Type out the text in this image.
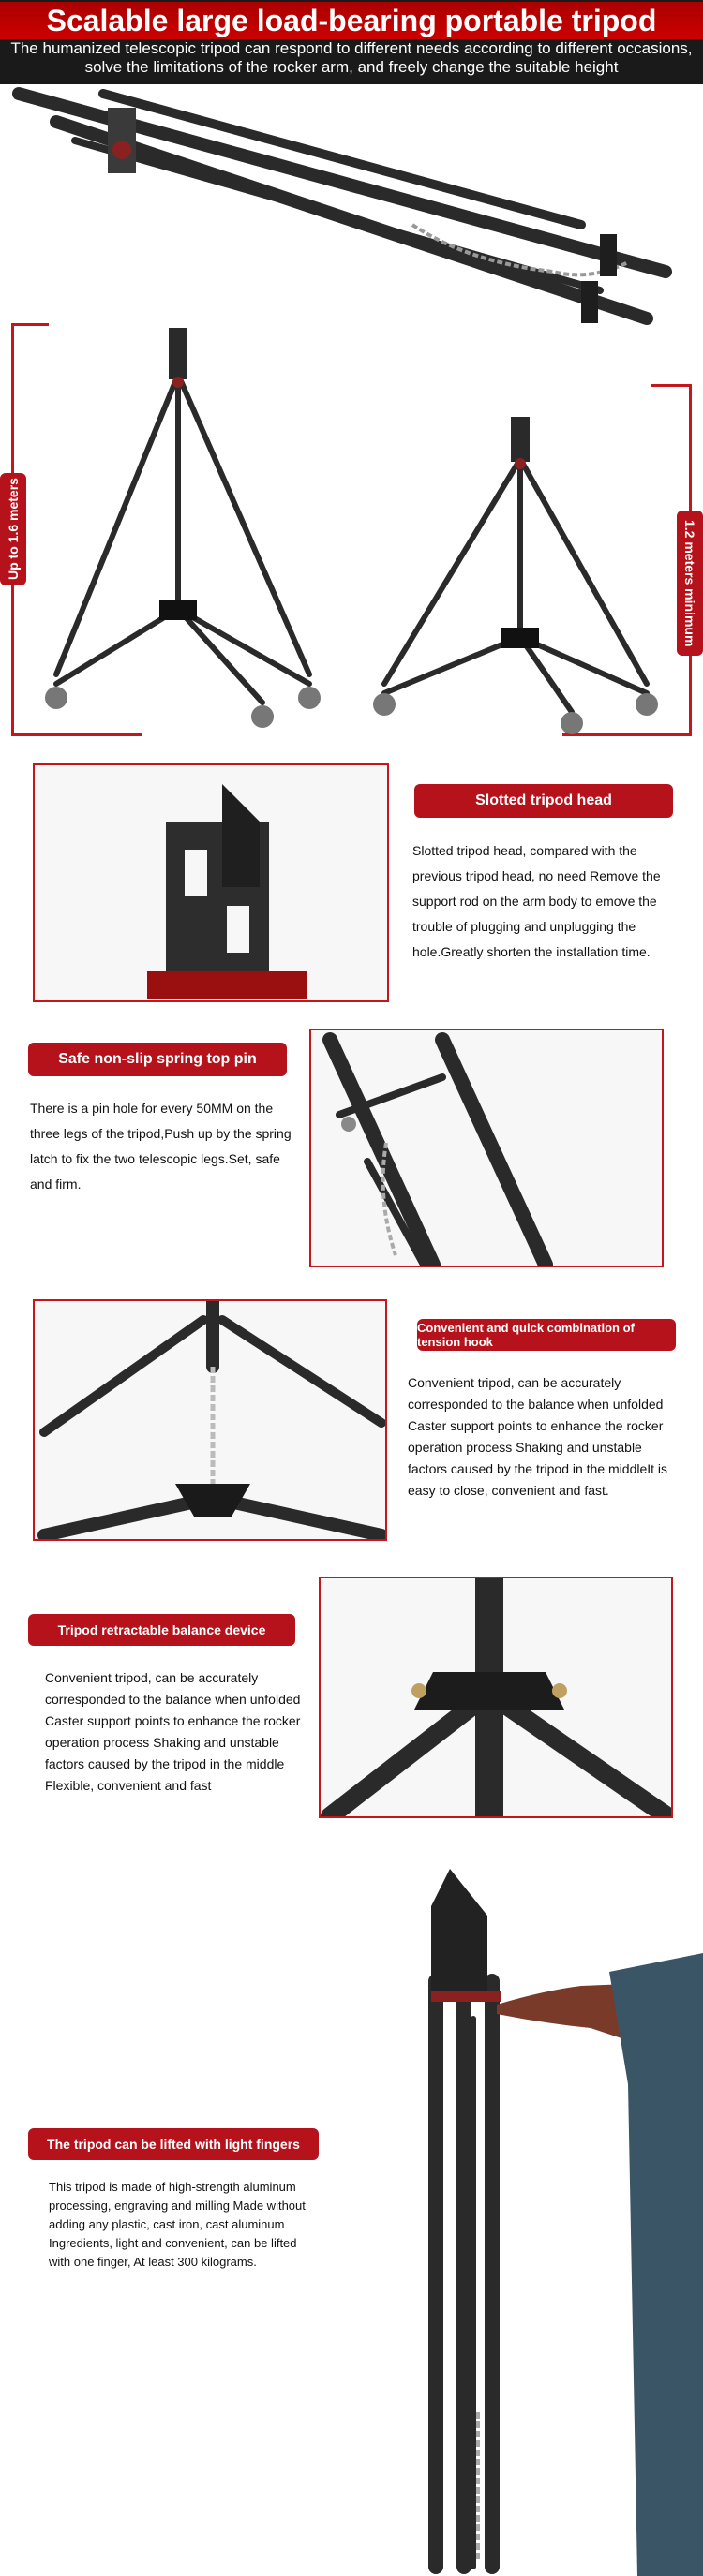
Scalable large load-bearing portable tripod
The humanized telescopic tripod can respond to different needs according to different occasions, solve the limitations of the rocker arm, and freely change the suitable height
Up to 1.6 meters	1.2 meters minimum
Slotted tripod head
Slotted tripod head, compared with the previous tripod head, no need Remove the support rod on the arm body to emove the trouble of plugging and unplugging the hole.Greatly shorten the installation time.
Safe non-slip spring top pin
There is a pin hole for every 50MM on the three legs of the tripod,Push up by the spring latch to fix the two telescopic legs.Set, safe and firm.
Convenient and quick combination of tension hook
Convenient tripod, can be accurately corresponded to the balance when unfolded Caster support points to enhance the rocker operation process Shaking and unstable factors caused by the tripod in the middleIt is easy to close, convenient and fast.
Tripod retractable balance device
Convenient tripod, can be accurately corresponded to the balance when unfolded Caster support points to enhance the rocker operation process Shaking and unstable factors caused by the tripod in the middle Flexible, convenient and fast
The tripod can be lifted with light fingers
This tripod is made of high-strength aluminum processing, engraving and milling Made without adding any plastic, cast iron, cast aluminum Ingredients, light and convenient, can be lifted with one finger, At least 300 kilograms.
